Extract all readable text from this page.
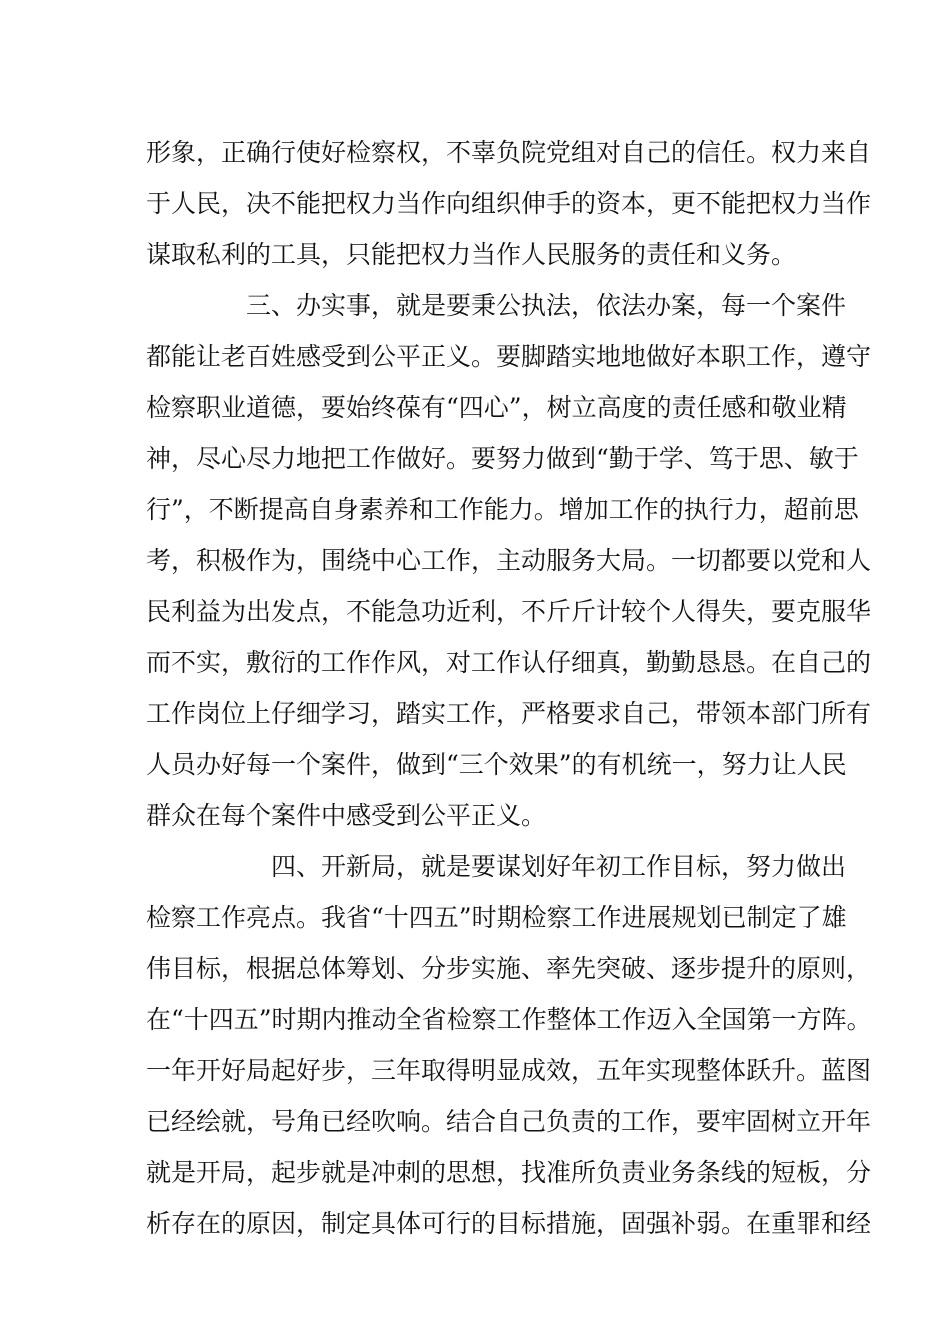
形象，正确行使好检察权，不辜负院党组对自己的信任。权力来自
于人民，决不能把权力当作向组织伸手的资本，更不能把权力当作
谋取私利的工具，只能把权力当作人民服务的责任和义务。
三、办实事，就是要秉公执法，依法办案，每一个案件
都能让老百姓感受到公平正义。要脚踏实地地做好本职工作，遵守
检察职业道德，要始终葆有“四心”，树立高度的责任感和敬业精
神，尽心尽力地把工作做好。要努力做到“勤于学、笃于思、敏于
行”，不断提高自身素养和工作能力。增加工作的执行力，超前思
考，积极作为，围绕中心工作，主动服务大局。一切都要以党和人
民利益为出发点，不能急功近利，不斤斤计较个人得失，要克服华
而不实，敷衍的工作作风，对工作认仔细真，勤勤恳恳。在自己的
工作岗位上仔细学习，踏实工作，严格要求自己，带领本部门所有
人员办好每一个案件，做到“三个效果”的有机统一，努力让人民
群众在每个案件中感受到公平正义。
四、开新局，就是要谋划好年初工作目标，努力做出
检察工作亮点。我省“十四五”时期检察工作进展规划已制定了雄
伟目标，根据总体筹划、分步实施、率先突破、逐步提升的原则，
在“十四五”时期内推动全省检察工作整体工作迈入全国第一方阵。
一年开好局起好步，三年取得明显成效，五年实现整体跃升。蓝图
已经绘就，号角已经吹响。结合自己负责的工作，要牢固树立开年
就是开局，起步就是冲刺的思想，找准所负责业务条线的短板，分
析存在的原因，制定具体可行的目标措施，固强补弱。在重罪和经
